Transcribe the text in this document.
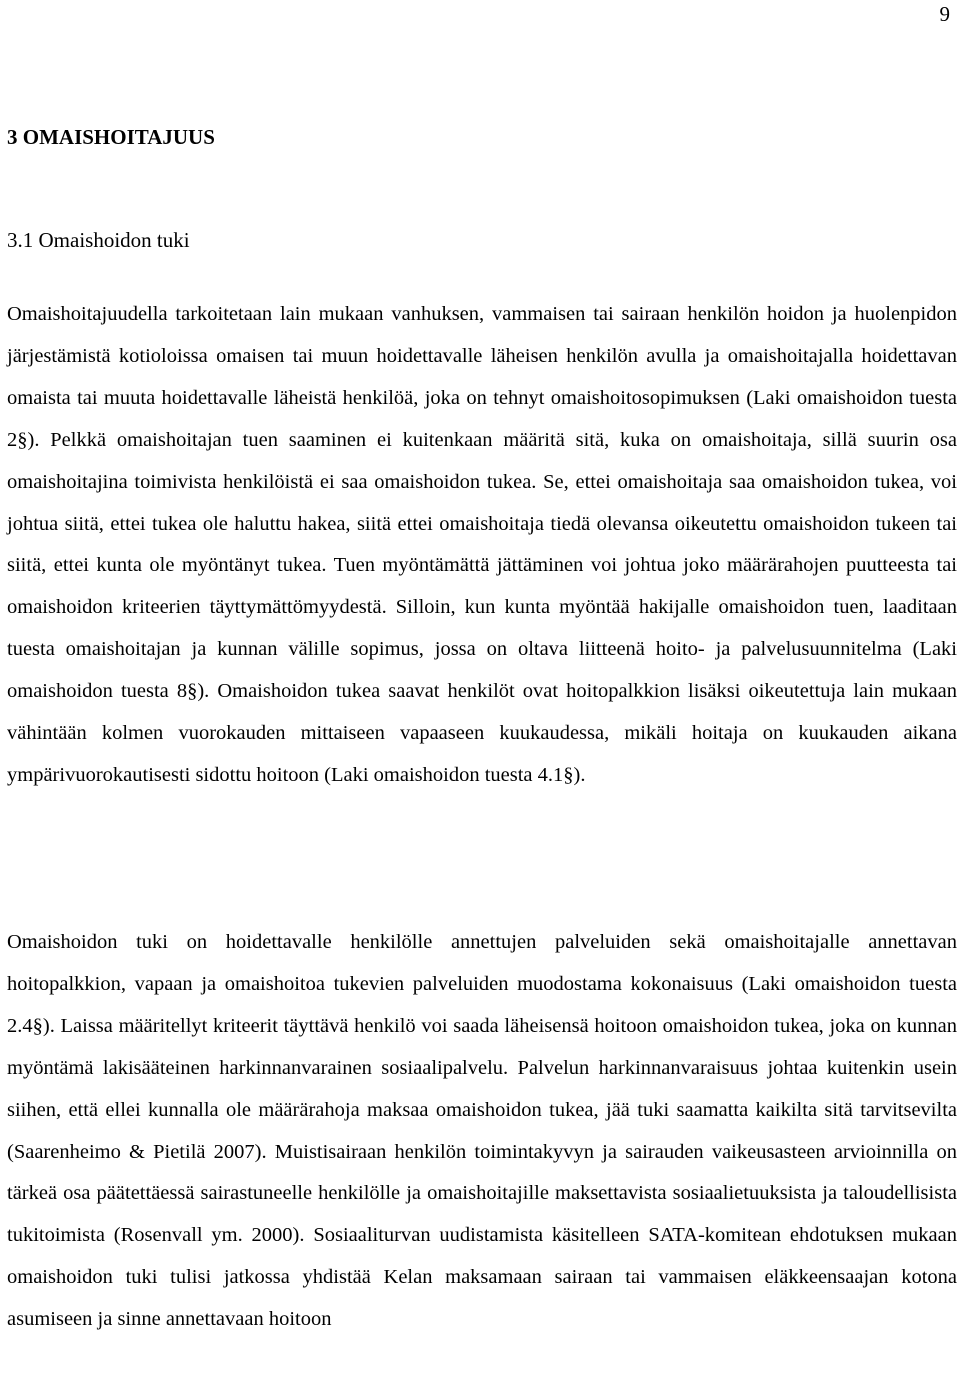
9
3 OMAISHOITAJUUS
3.1 Omaishoidon tuki

Omaishoitajuudella tarkoitetaan lain mukaan vanhuksen, vammaisen tai sairaan henkilön hoidon ja huolenpidon järjestämistä kotioloissa omaisen tai muun hoidettavalle läheisen henkilön avulla ja omaishoitajalla hoidettavan omaista tai muuta hoidettavalle läheistä henkilöä, joka on tehnyt omaishoitosopimuksen (Laki omaishoidon tuesta 2§). Pelkkä omaishoitajan tuen saaminen ei kuitenkaan määritä sitä, kuka on omaishoitaja, sillä suurin osa omaishoitajina toimivista henkilöistä ei saa omaishoidon tukea. Se, ettei omaishoitaja saa omaishoidon tukea, voi johtua siitä, ettei tukea ole haluttu hakea, siitä ettei omaishoitaja tiedä olevansa oikeutettu omaishoidon tukeen tai siitä, ettei kunta ole myöntänyt tukea. Tuen myöntämättä jättäminen voi johtua joko määrärahojen puutteesta tai omaishoidon kriteerien täyttymättömyydestä. Silloin, kun kunta myöntää hakijalle omaishoidon tuen, laaditaan tuesta omaishoitajan ja kunnan välille sopimus, jossa on oltava liitteenä hoito- ja palvelusuunnitelma (Laki omaishoidon tuesta 8§). Omaishoidon tukea saavat henkilöt ovat hoitopalkkion lisäksi oikeutettuja lain mukaan vähintään kolmen vuorokauden mittaiseen vapaaseen kuukaudessa, mikäli hoitaja on kuukauden aikana ympärivuorokautisesti sidottu hoitoon (Laki omaishoidon tuesta 4.1§).

Omaishoidon tuki on hoidettavalle henkilölle annettujen palveluiden sekä omaishoitajalle annettavan hoitopalkkion, vapaan ja omaishoitoa tukevien palveluiden muodostama kokonaisuus (Laki omaishoidon tuesta 2.4§). Laissa määritellyt kriteerit täyttävä henkilö voi saada läheisensä hoitoon omaishoidon tukea, joka on kunnan myöntämä lakisääteinen harkinnanvarainen sosiaalipalvelu. Palvelun harkinnanvaraisuus johtaa kuitenkin usein siihen, että ellei kunnalla ole määrärahoja maksaa omaishoidon tukea, jää tuki saamatta kaikilta sitä tarvitsevilta (Saarenheimo & Pietilä 2007). Muistisairaan henkilön toimintakyvyn ja sairauden vaikeusasteen arvioinnilla on tärkeä osa päätettäessä sairastuneelle henkilölle ja omaishoitajille maksettavista sosiaalietuuksista ja taloudellisista tukitoimista (Rosenvall ym. 2000). Sosiaaliturvan uudistamista käsitelleen SATA-komitean ehdotuksen mukaan omaishoidon tuki tulisi jatkossa yhdistää Kelan maksamaan sairaan tai vammaisen eläkkeensaajan kotona asumiseen ja sinne annettavaan hoitoon
